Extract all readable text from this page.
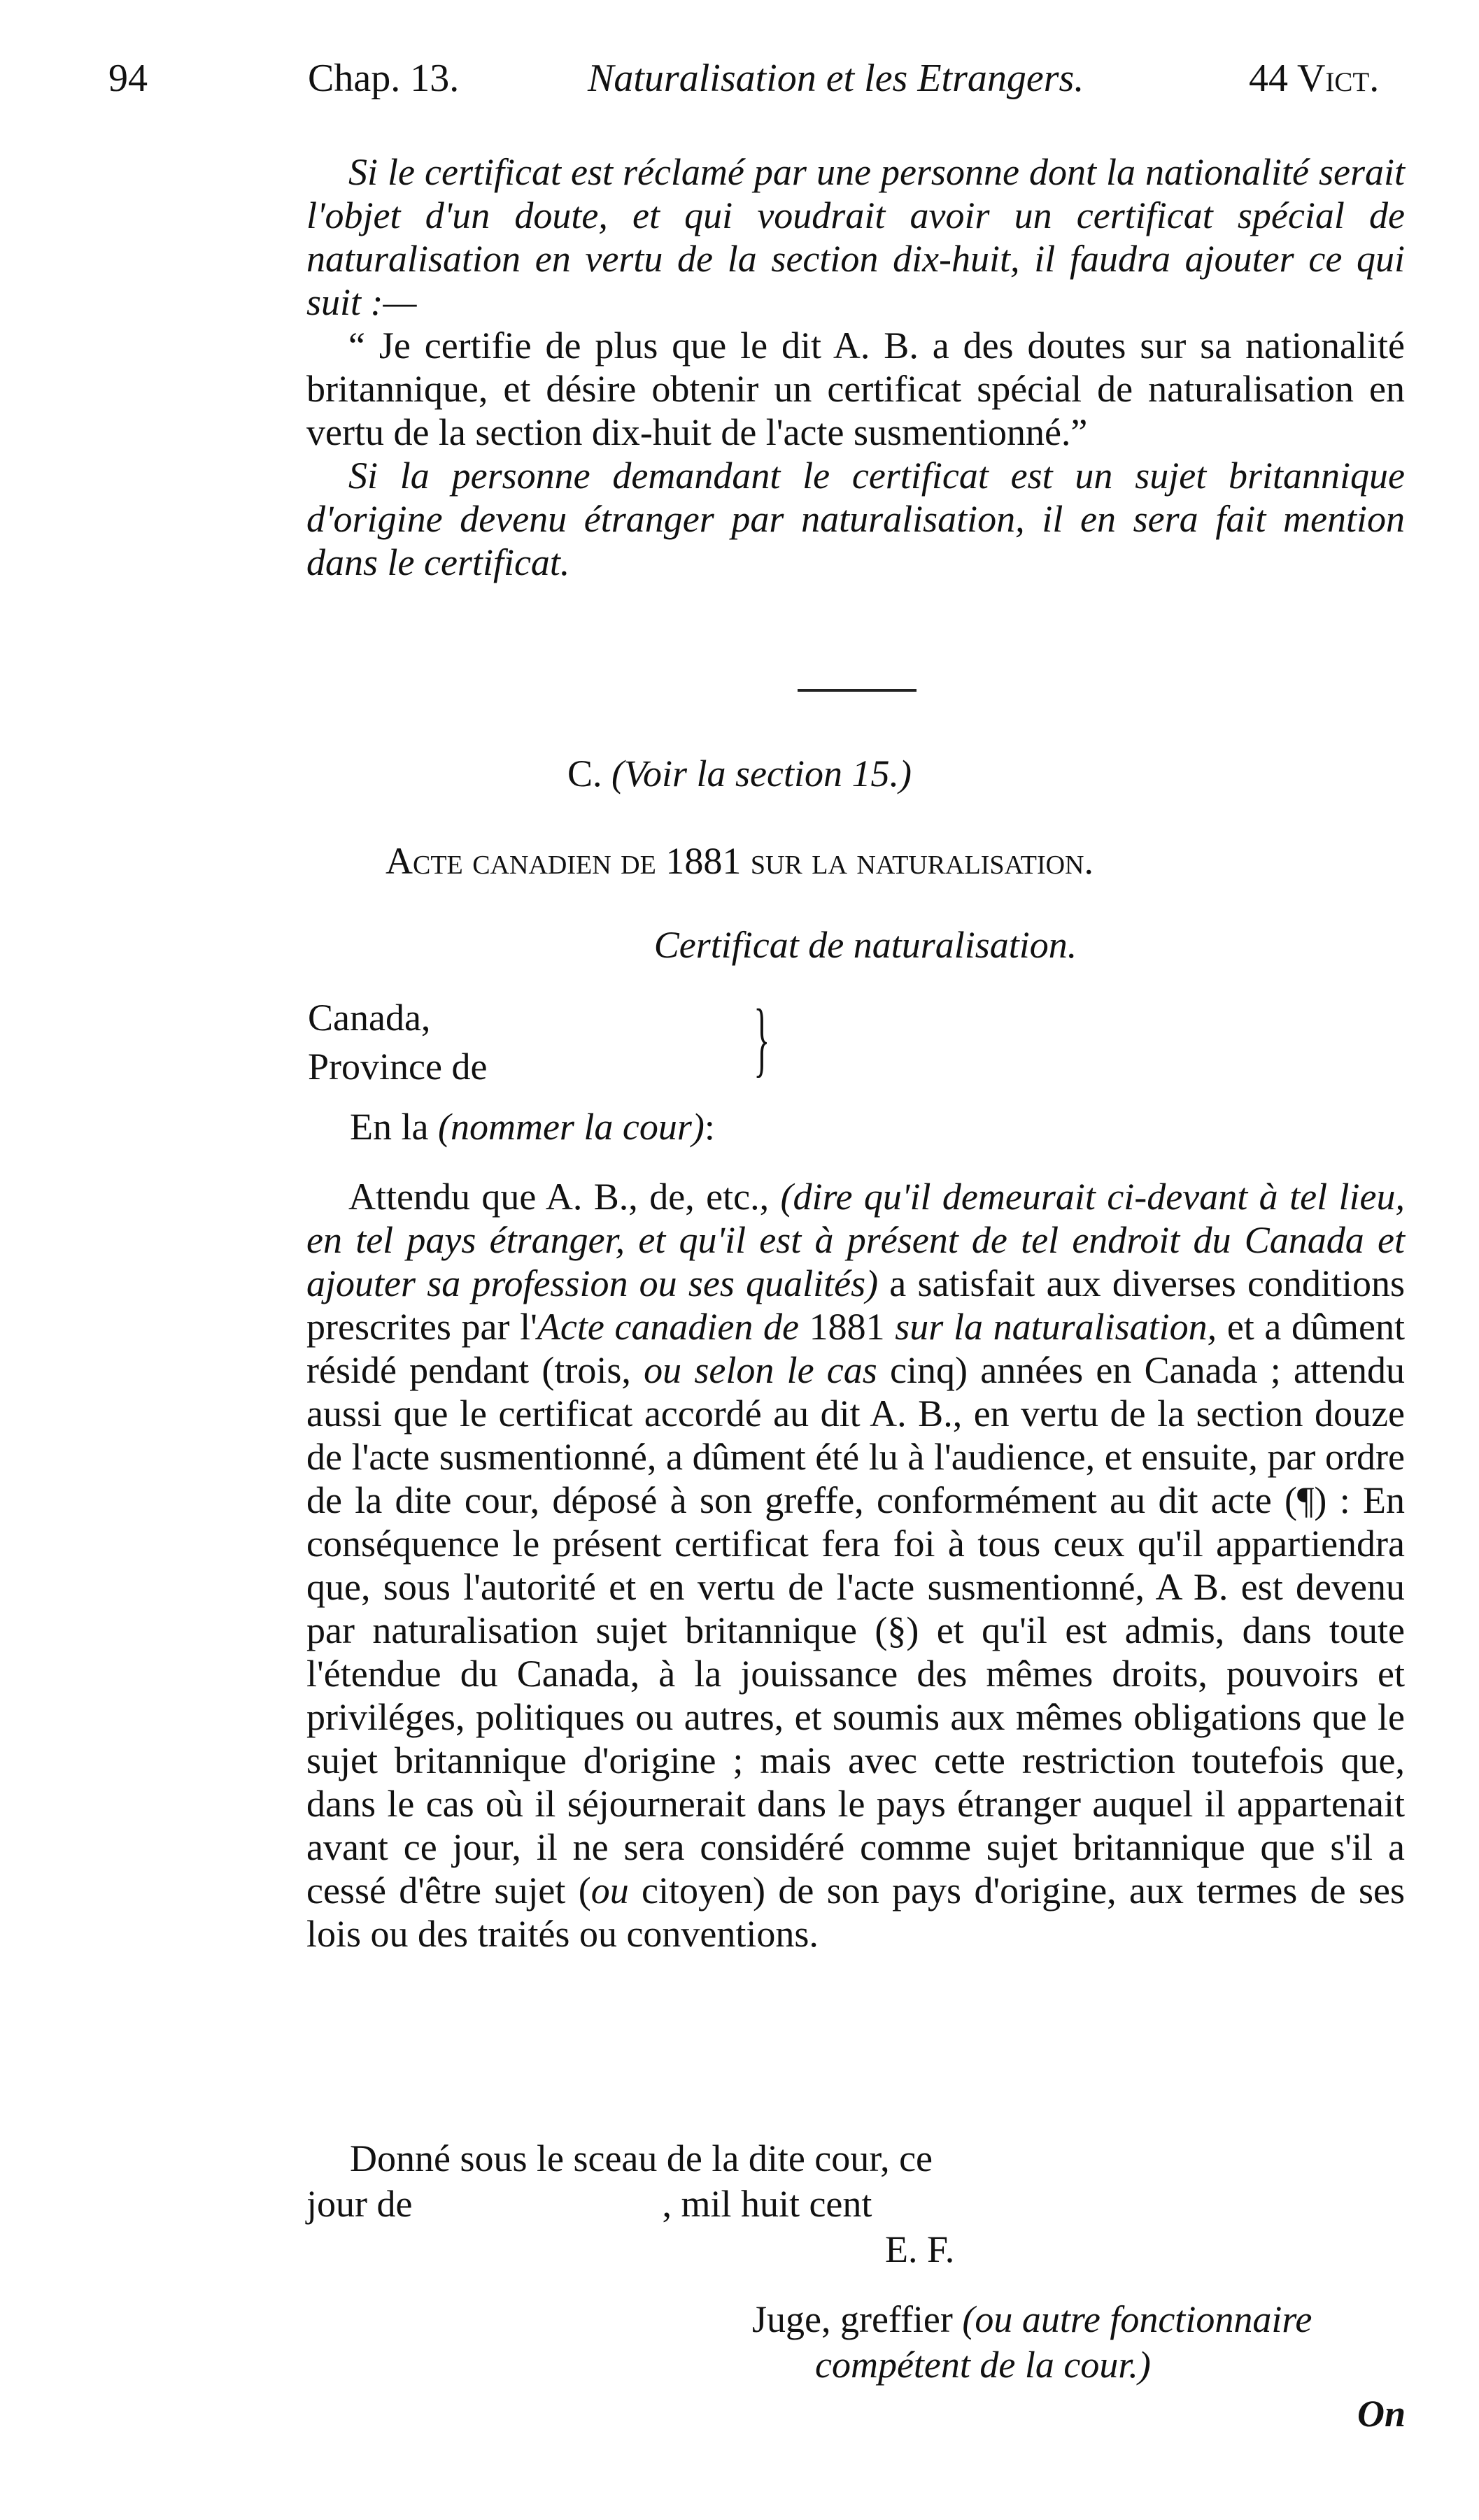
94	Chap. 13.	Naturalisation et les Etrangers.	44 Vict.
Si le certificat est réclamé par une personne dont la nationalité serait l'objet d'un doute, et qui voudrait avoir un certificat spécial de naturalisation en vertu de la section dix-huit, il faudra ajouter ce qui suit :—
“ Je certifie de plus que le dit A. B. a des doutes sur sa nationalité britannique, et désire obtenir un certificat spécial de naturalisation en vertu de la section dix-huit de l'acte susmentionné.”
Si la personne demandant le certificat est un sujet britannique d'origine devenu étranger par naturalisation, il en sera fait mention dans le certificat.
C. (Voir la section 15.)
Acte canadien de 1881 sur la naturalisation.
Certificat de naturalisation.
Canada,
Province de	}
En la (nommer la cour):
Attendu que A. B., de, etc., (dire qu'il demeurait ci-devant à tel lieu, en tel pays étranger, et qu'il est à présent de tel endroit du Canada et ajouter sa profession ou ses qualités) a satisfait aux diverses conditions prescrites par l'Acte canadien de 1881 sur la naturalisation, et a dûment résidé pendant (trois, ou selon le cas cinq) années en Canada ; attendu aussi que le certificat accordé au dit A. B., en vertu de la section douze de l'acte susmentionné, a dûment été lu à l'audience, et ensuite, par ordre de la dite cour, déposé à son greffe, conformément au dit acte (¶) : En conséquence le présent certificat fera foi à tous ceux qu'il appartiendra que, sous l'autorité et en vertu de l'acte susmentionné, A B. est devenu par naturalisation sujet britannique (§) et qu'il est admis, dans toute l'étendue du Canada, à la jouissance des mêmes droits, pouvoirs et priviléges, politiques ou autres, et soumis aux mêmes obligations que le sujet britannique d'origine ; mais avec cette restriction toutefois que, dans le cas où il séjournerait dans le pays étranger auquel il appartenait avant ce jour, il ne sera considéré comme sujet britannique que s'il a cessé d'être sujet (ou citoyen) de son pays d'origine, aux termes de ses lois ou des traités ou conventions.
Donné sous le sceau de la dite cour, ce
jour de	, mil huit cent
E. F.
Juge, greffier (ou autre fonctionnaire
compétent de la cour.)
On
